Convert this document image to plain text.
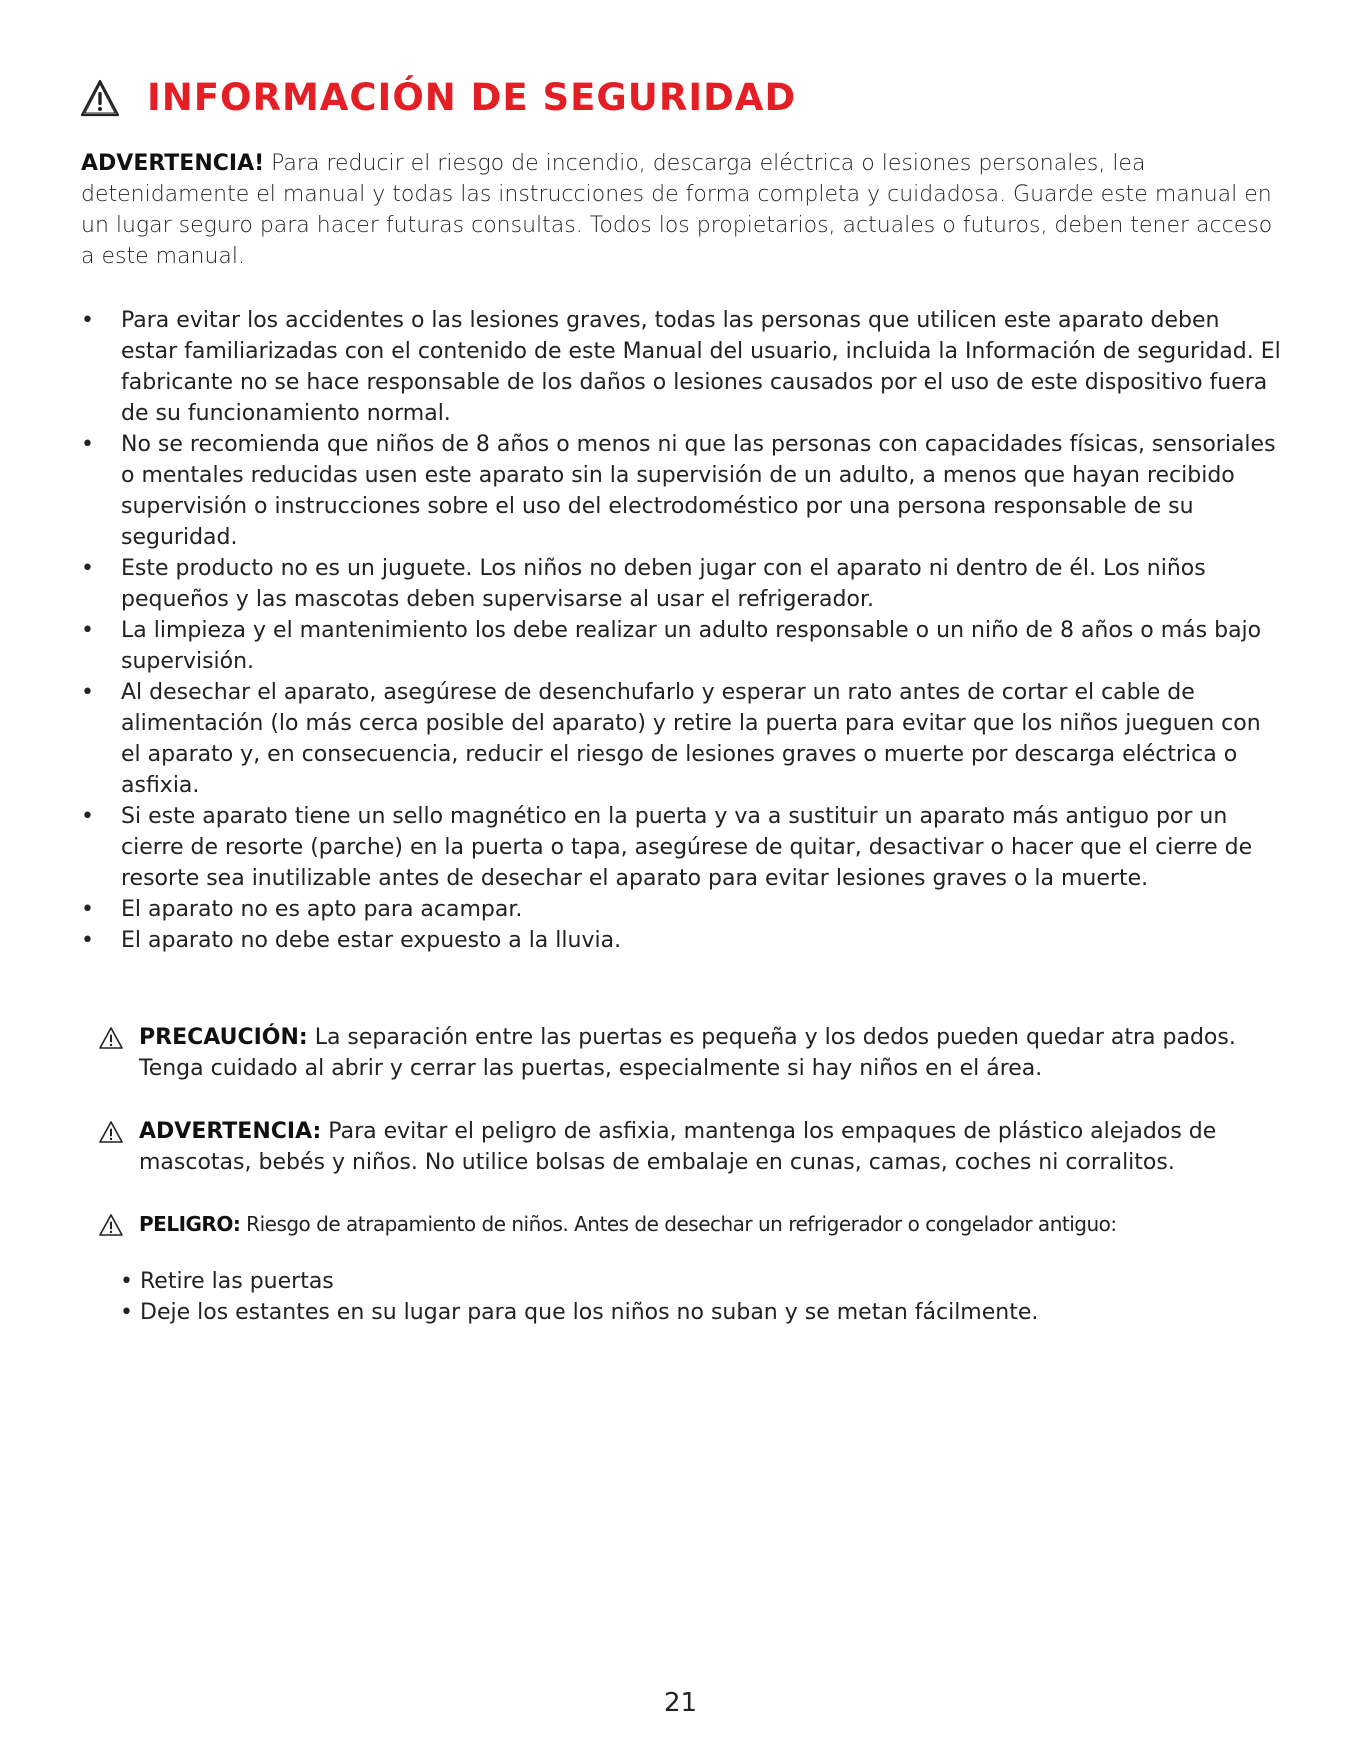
INFORMACIÓN DE SEGURIDAD
ADVERTENCIA! Para reducir el riesgo de incendio, descarga eléctrica o lesiones personales, lea detenidamente el manual y todas las instrucciones de forma completa y cuidadosa. Guarde este manual en un lugar seguro para hacer futuras consultas. Todos los propietarios, actuales o futuros, deben tener acceso a este manual.
• Para evitar los accidentes o las lesiones graves, todas las personas que utilicen este aparato deben estar familiarizadas con el contenido de este Manual del usuario, incluida la Información de seguridad. El fabricante no se hace responsable de los daños o lesiones causados por el uso de este dispositivo fuera de su funcionamiento normal.
• No se recomienda que niños de 8 años o menos ni que las personas con capacidades físicas, sensoriales o mentales reducidas usen este aparato sin la supervisión de un adulto, a menos que hayan recibido supervisión o instrucciones sobre el uso del electrodoméstico por una persona responsable de su seguridad.
• Este producto no es un juguete. Los niños no deben jugar con el aparato ni dentro de él. Los niños pequeños y las mascotas deben supervisarse al usar el refrigerador.
• La limpieza y el mantenimiento los debe realizar un adulto responsable o un niño de 8 años o más bajo supervisión.
• Al desechar el aparato, asegúrese de desenchufarlo y esperar un rato antes de cortar el cable de alimentación (lo más cerca posible del aparato) y retire la puerta para evitar que los niños jueguen con el aparato y, en consecuencia, reducir el riesgo de lesiones graves o muerte por descarga eléctrica o asfixia.
• Si este aparato tiene un sello magnético en la puerta y va a sustituir un aparato más antiguo por un cierre de resorte (parche) en la puerta o tapa, asegúrese de quitar, desactivar o hacer que el cierre de resorte sea inutilizable antes de desechar el aparato para evitar lesiones graves o la muerte.
• El aparato no es apto para acampar.
• El aparato no debe estar expuesto a la lluvia.
PRECAUCIÓN: La separación entre las puertas es pequeña y los dedos pueden quedar atra pados. Tenga cuidado al abrir y cerrar las puertas, especialmente si hay niños en el área.
ADVERTENCIA: Para evitar el peligro de asfixia, mantenga los empaques de plástico alejados de mascotas, bebés y niños. No utilice bolsas de embalaje en cunas, camas, coches ni corralitos.
PELIGRO: Riesgo de atrapamiento de niños. Antes de desechar un refrigerador o congelador antiguo:
• Retire las puertas
• Deje los estantes en su lugar para que los niños no suban y se metan fácilmente.
21
